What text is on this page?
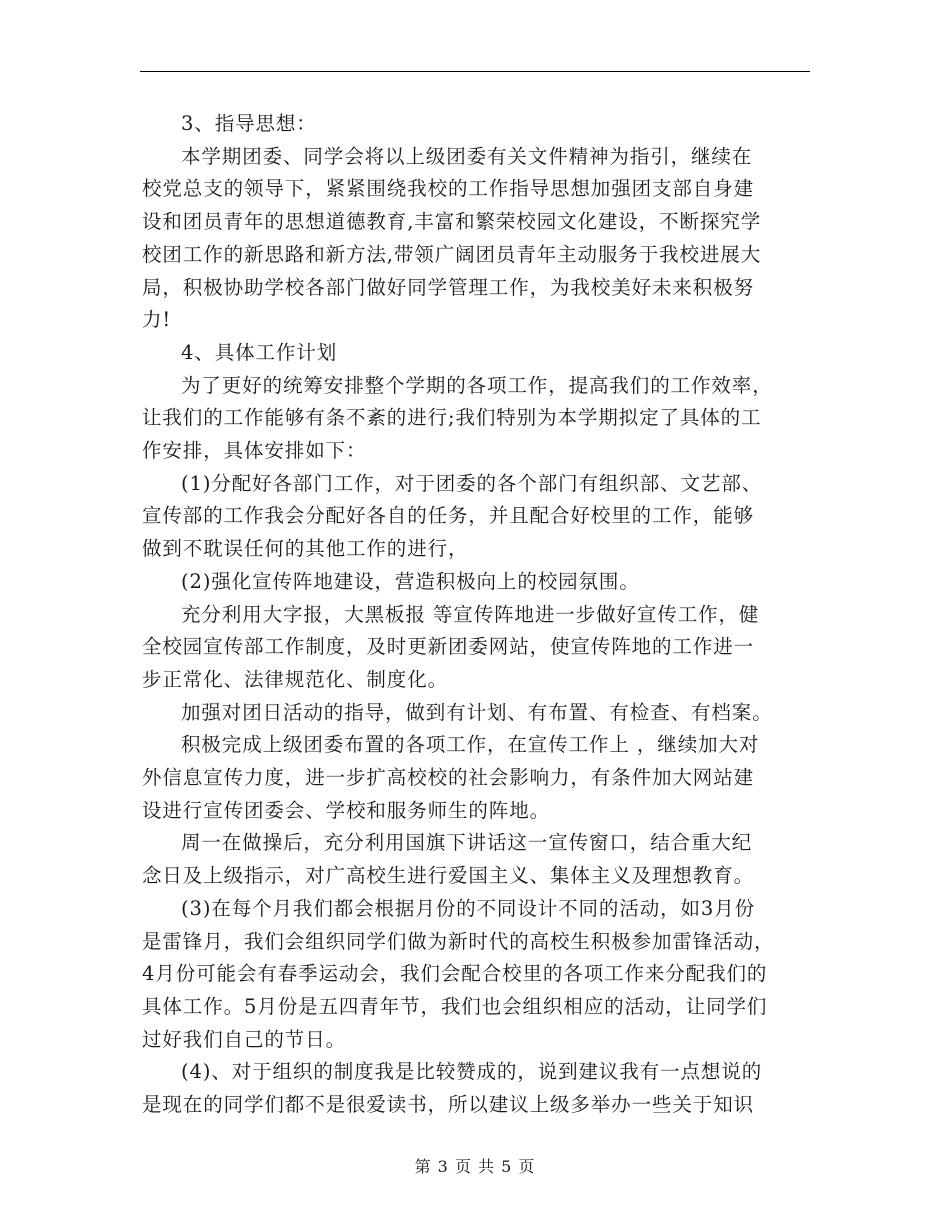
3、指导思想：

本学期团委、同学会将以上级团委有关文件精神为指引，继续在
校党总支的领导下，紧紧围绕我校的工作指导思想加强团支部自身建
设和团员青年的思想道德教育,丰富和繁荣校园文化建设，不断探究学
校团工作的新思路和新方法,带领广阔团员青年主动服务于我校进展大
局，积极协助学校各部门做好同学管理工作，为我校美好未来积极努
力!

4、具体工作计划

为了更好的统筹安排整个学期的各项工作，提高我们的工作效率，
让我们的工作能够有条不紊的进行;我们特别为本学期拟定了具体的工
作安排，具体安排如下：

(1)分配好各部门工作，对于团委的各个部门有组织部、文艺部、
宣传部的工作我会分配好各自的任务，并且配合好校里的工作，能够
做到不耽误任何的其他工作的进行，

(2)强化宣传阵地建设，营造积极向上的校园氛围。

充分利用大字报，大黑板报 等宣传阵地进一步做好宣传工作，健
全校园宣传部工作制度，及时更新团委网站，使宣传阵地的工作进一
步正常化、法律规范化、制度化。

加强对团日活动的指导，做到有计划、有布置、有检查、有档案。

积极完成上级团委布置的各项工作，在宣传工作上 ，继续加大对
外信息宣传力度，进一步扩高校校的社会影响力，有条件加大网站建
设进行宣传团委会、学校和服务师生的阵地。

周一在做操后，充分利用国旗下讲话这一宣传窗口，结合重大纪
念日及上级指示，对广高校生进行爱国主义、集体主义及理想教育。

(3)在每个月我们都会根据月份的不同设计不同的活动，如3月份
是雷锋月，我们会组织同学们做为新时代的高校生积极参加雷锋活动，
4月份可能会有春季运动会，我们会配合校里的各项工作来分配我们的
具体工作。5月份是五四青年节，我们也会组织相应的活动，让同学们
过好我们自己的节日。

(4)、对于组织的制度我是比较赞成的，说到建议我有一点想说的
是现在的同学们都不是很爱读书，所以建议上级多举办一些关于知识

第 3 页 共 5 页
